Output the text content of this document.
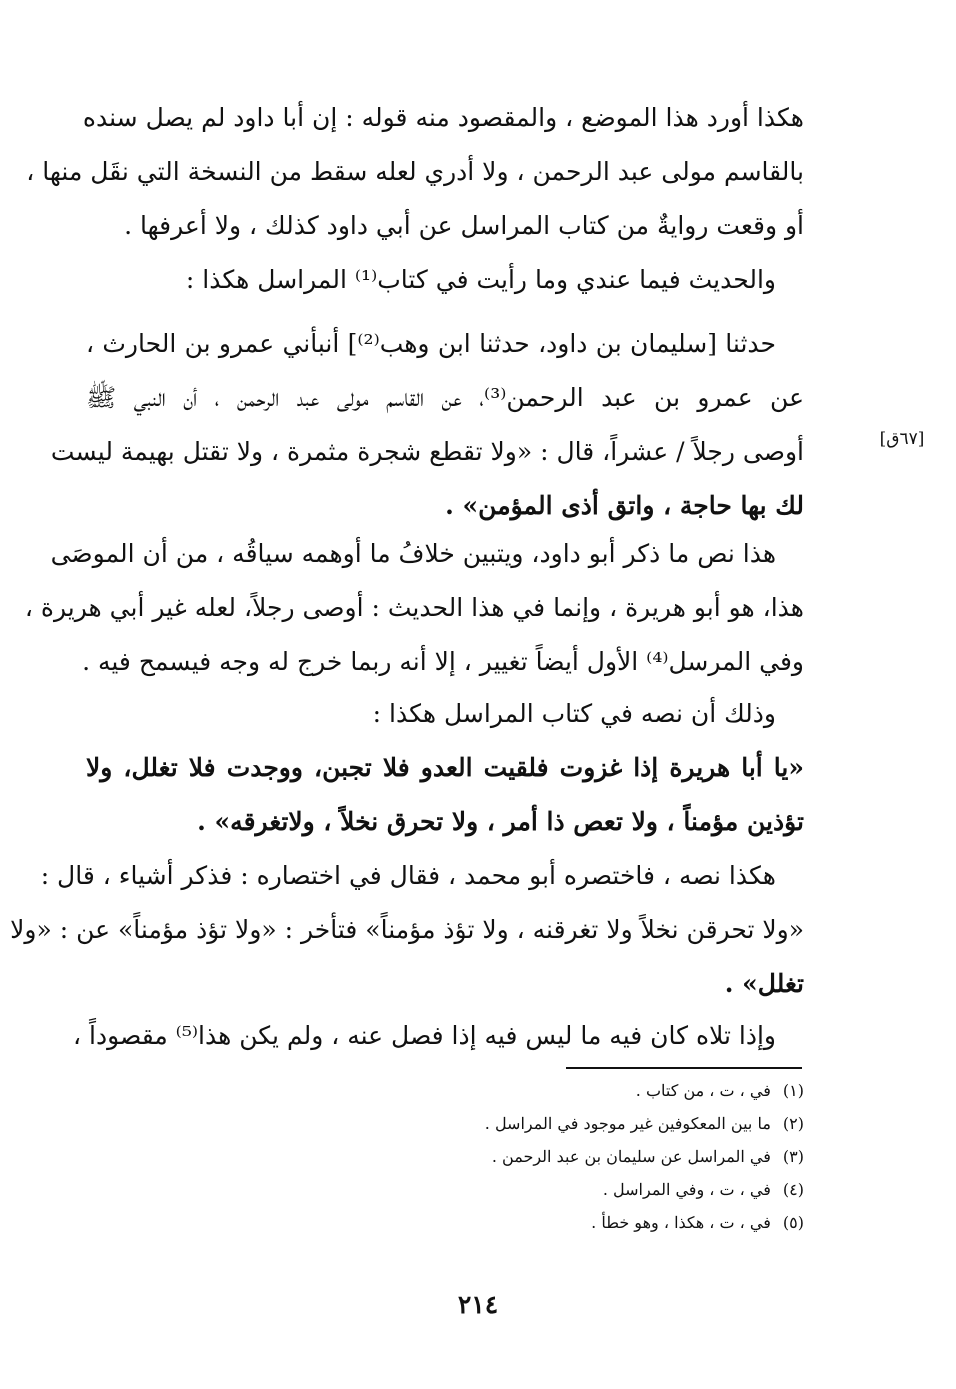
هكذا أورد هذا الموضع ، والمقصود منه قوله : إن أبا داود لم يصل سنده
بالقاسم مولى عبد الرحمن ، ولا أدري لعله سقط من النسخة التي نقَل منها ،
أو وقعت روايةٌ من كتاب المراسل عن أبي داود كذلك ، ولا أعرفها .
والحديث فيما عندي وما رأيت في كتاب⁽¹⁾ المراسل هكذا :
حدثنا [سليمان بن داود، حدثنا ابن وهب⁽²⁾] أنبأني عمرو بن الحارث ،
عن عمرو بن عبد الرحمن⁽³⁾، عن القاسم مولى عبد الرحمن ، أن النبي ﷺ
أوصى رجلاً / عشراً، قال : «ولا تقطع شجرة مثمرة ، ولا تقتل بهيمة ليست
لك بها حاجة ، واتق أذى المؤمن» .
هذا نص ما ذكر أبو داود، ويتبين خلافُ ما أوهمه سياقُه ، من أن الموصَى
هذا، هو أبو هريرة ، وإنما في هذا الحديث : أوصى رجلاً، لعله غير أبي هريرة ،
وفي المرسل⁽⁴⁾ الأول أيضاً تغيير ، إلا أنه ربما خرج له وجه فيسمح فيه .
وذلك أن نصه في كتاب المراسل هكذا :
«يا أبا هريرة إذا غزوت فلقيت العدو فلا تجبن، ووجدت فلا تغلل، ولا
تؤذين مؤمناً ، ولا تعص ذا أمر ، ولا تحرق نخلاً ، ولاتغرقه» .
هكذا نصه ، فاختصره أبو محمد ، فقال في اختصاره : فذكر أشياء ، قال :
«ولا تحرقن نخلاً ولا تغرقنه ، ولا تؤذ مؤمناً» فتأخر : «ولا تؤذ مؤمناً» عن : «ولا
تغلل» .
وإذا تلاه كان فيه ما ليس فيه إذا فصل عنه ، ولم يكن هذا⁽⁵⁾ مقصوداً ،
[٦٧ق]
(١)في ، ت ، من كتاب .
(٢)ما بين المعكوفين غير موجود في المراسل .
(٣)في المراسل عن سليمان بن عبد الرحمن .
(٤)في ، ت ، وفي المراسل .
(٥)في ، ت ، هكذا ، وهو خطأ .
٢١٤
